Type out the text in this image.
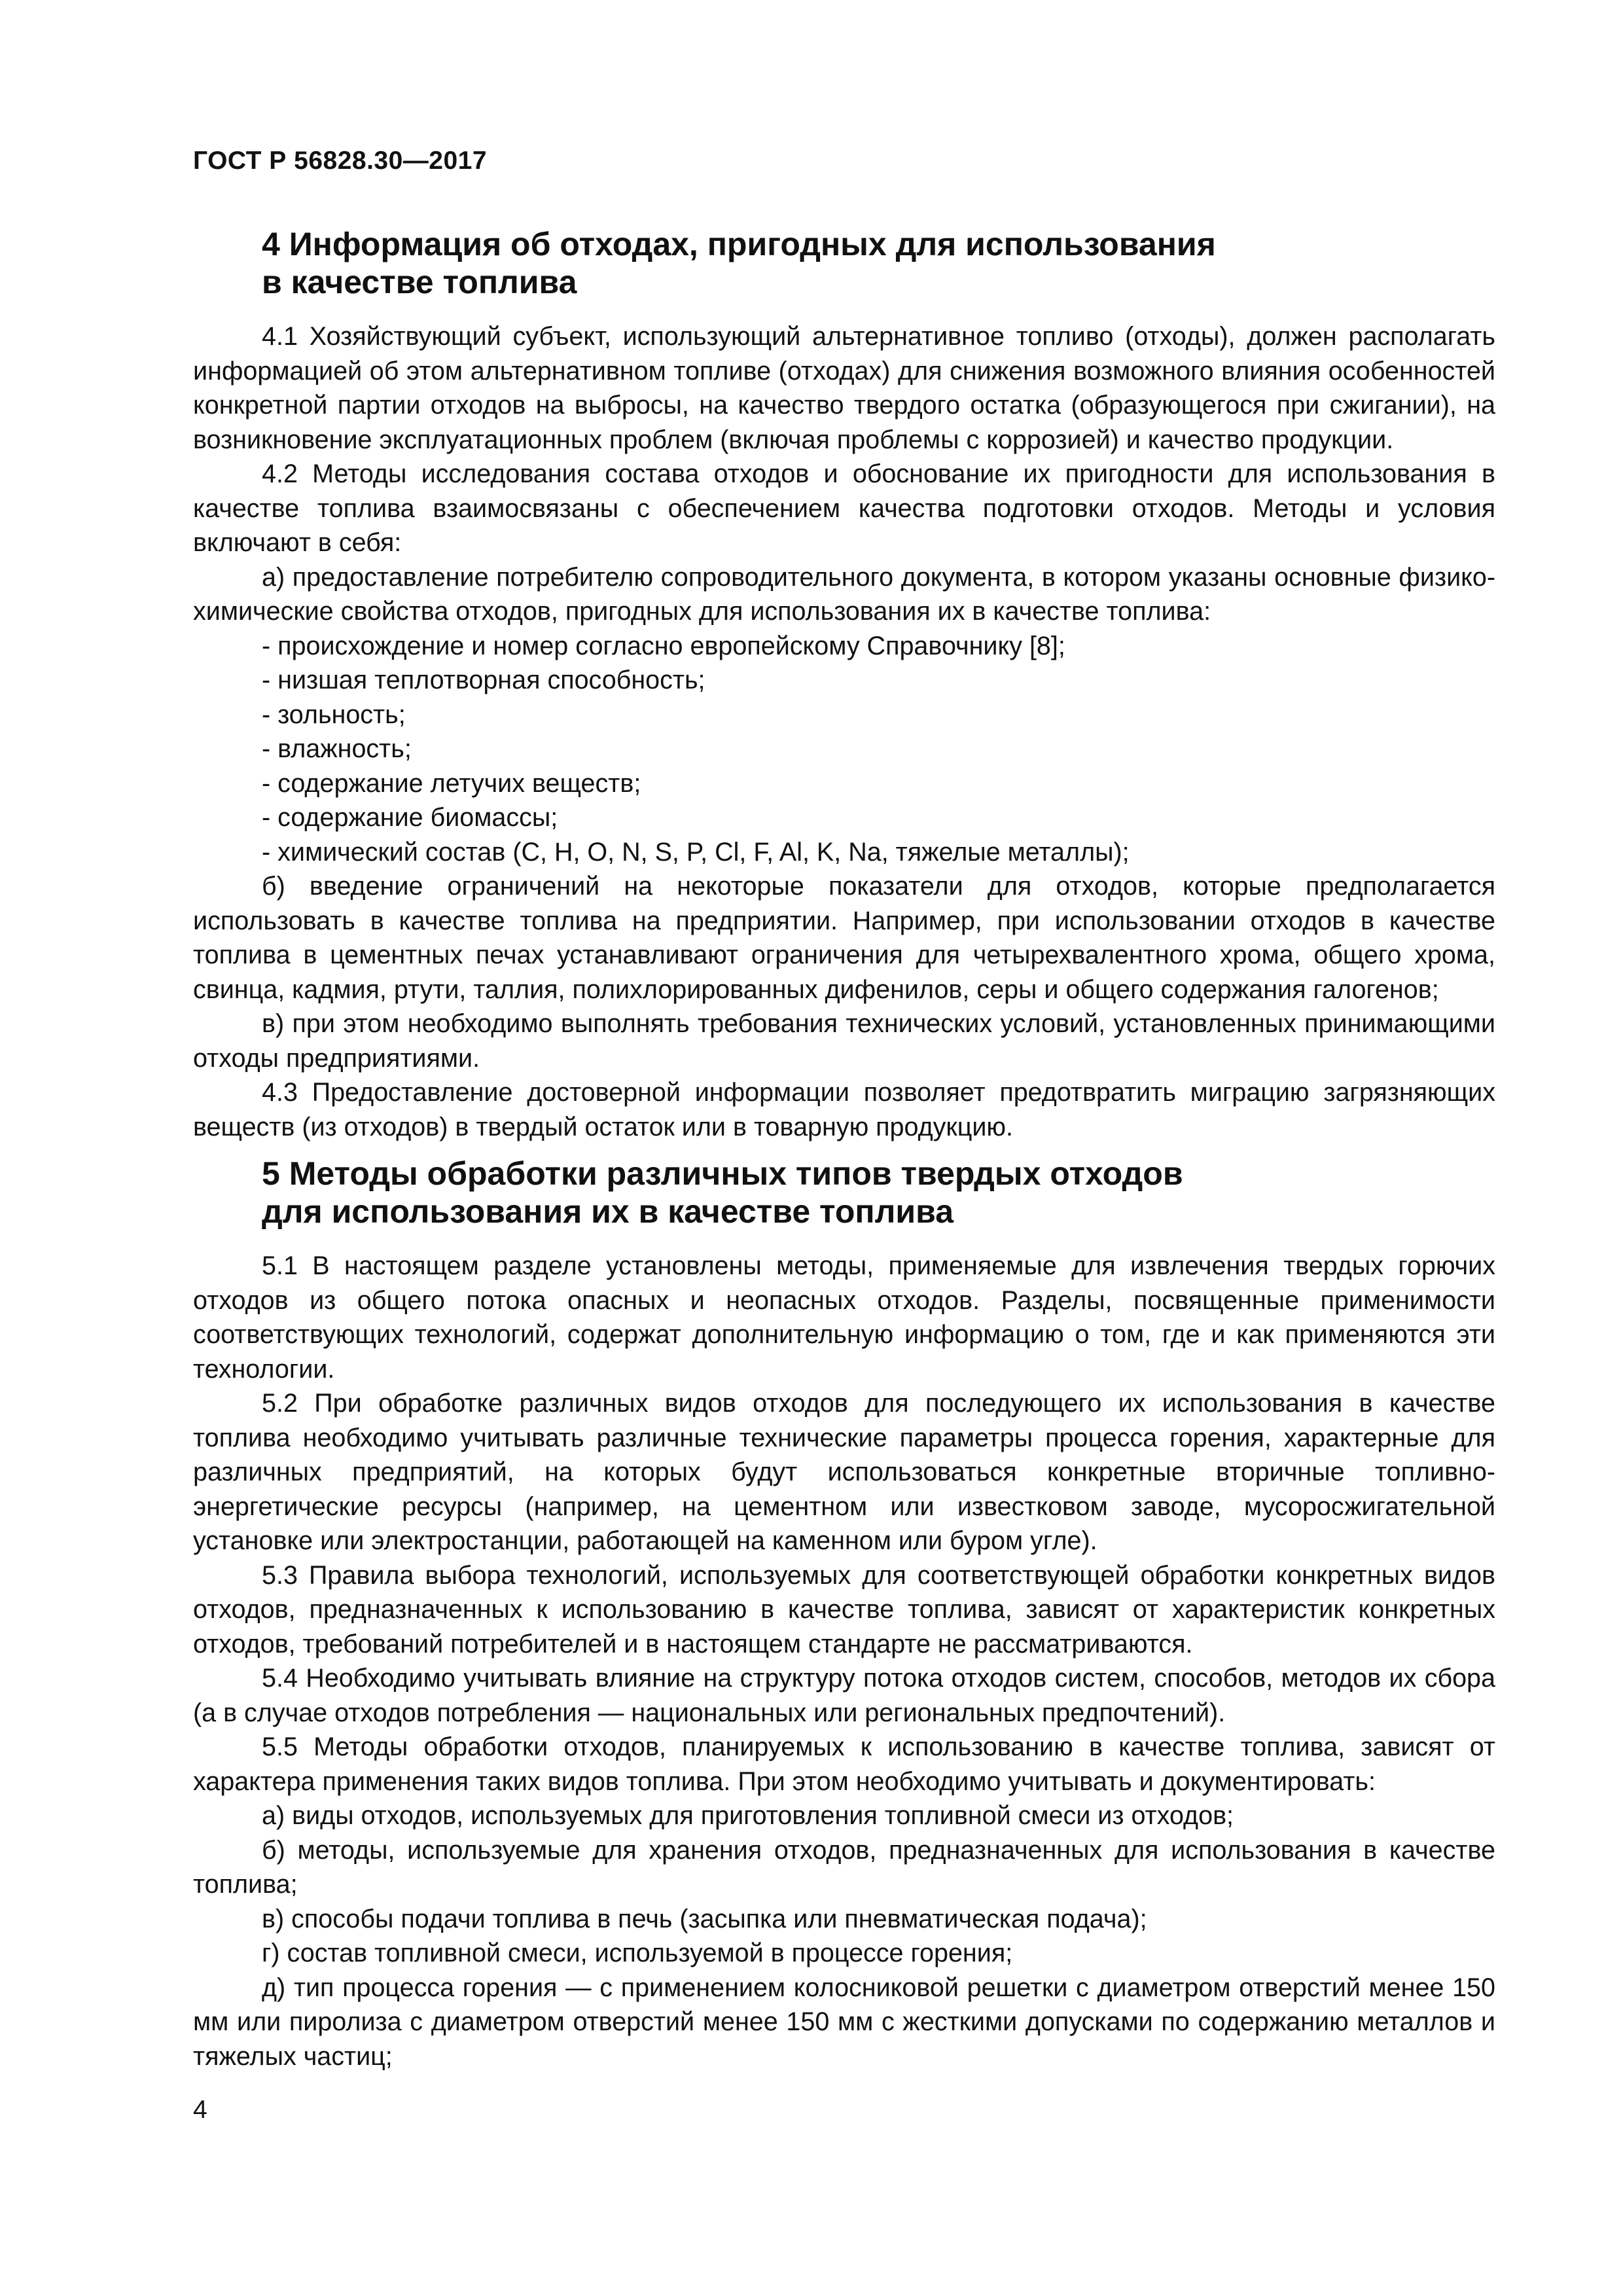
ГОСТ Р 56828.30—2017
4 Информация об отходах, пригодных для использования
в качестве топлива

4.1 Хозяйствующий субъект, использующий альтернативное топливо (отходы), должен располагать информацией об этом альтернативном топливе (отходах) для снижения возможного влияния особенностей конкретной партии отходов на выбросы, на качество твердого остатка (образующегося при сжигании), на возникновение эксплуатационных проблем (включая проблемы с коррозией) и качество продукции.

4.2 Методы исследования состава отходов и обоснование их пригодности для использования в качестве топлива взаимосвязаны с обеспечением качества подготовки отходов. Методы и условия включают в себя:

а) предоставление потребителю сопроводительного документа, в котором указаны основные физико-химические свойства отходов, пригодных для использования их в качестве топлива:

- происхождение и номер согласно европейскому Справочнику [8];

- низшая теплотворная способность;

- зольность;

- влажность;

- содержание летучих веществ;

- содержание биомассы;

- химический состав (C, H, O, N, S, P, Cl, F, Al, K, Na, тяжелые металлы);

б) введение ограничений на некоторые показатели для отходов, которые предполагается использовать в качестве топлива на предприятии. Например, при использовании отходов в качестве топлива в цементных печах устанавливают ограничения для четырехвалентного хрома, общего хрома, свинца, кадмия, ртути, таллия, полихлорированных дифенилов, серы и общего содержания галогенов;

в) при этом необходимо выполнять требования технических условий, установленных принимающими отходы предприятиями.

4.3 Предоставление достоверной информации позволяет предотвратить миграцию загрязняющих веществ (из отходов) в твердый остаток или в товарную продукцию.

5 Методы обработки различных типов твердых отходов
для использования их в качестве топлива

5.1 В настоящем разделе установлены методы, применяемые для извлечения твердых горючих отходов из общего потока опасных и неопасных отходов. Разделы, посвященные применимости соответствующих технологий, содержат дополнительную информацию о том, где и как применяются эти технологии.

5.2 При обработке различных видов отходов для последующего их использования в качестве топлива необходимо учитывать различные технические параметры процесса горения, характерные для различных предприятий, на которых будут использоваться конкретные вторичные топливно-энергетические ресурсы (например, на цементном или известковом заводе, мусоросжигательной установке или электростанции, работающей на каменном или буром угле).

5.3 Правила выбора технологий, используемых для соответствующей обработки конкретных видов отходов, предназначенных к использованию в качестве топлива, зависят от характеристик конкретных отходов, требований потребителей и в настоящем стандарте не рассматриваются.

5.4 Необходимо учитывать влияние на структуру потока отходов систем, способов, методов их сбора (а в случае отходов потребления — национальных или региональных предпочтений).

5.5 Методы обработки отходов, планируемых к использованию в качестве топлива, зависят от характера применения таких видов топлива. При этом необходимо учитывать и документировать:

а) виды отходов, используемых для приготовления топливной смеси из отходов;

б) методы, используемые для хранения отходов, предназначенных для использования в качестве топлива;

в) способы подачи топлива в печь (засыпка или пневматическая подача);

г) состав топливной смеси, используемой в процессе горения;

д) тип процесса горения — с применением колосниковой решетки с диаметром отверстий менее 150 мм или пиролиза с диаметром отверстий менее 150 мм с жесткими допусками по содержанию металлов и тяжелых частиц;

4
